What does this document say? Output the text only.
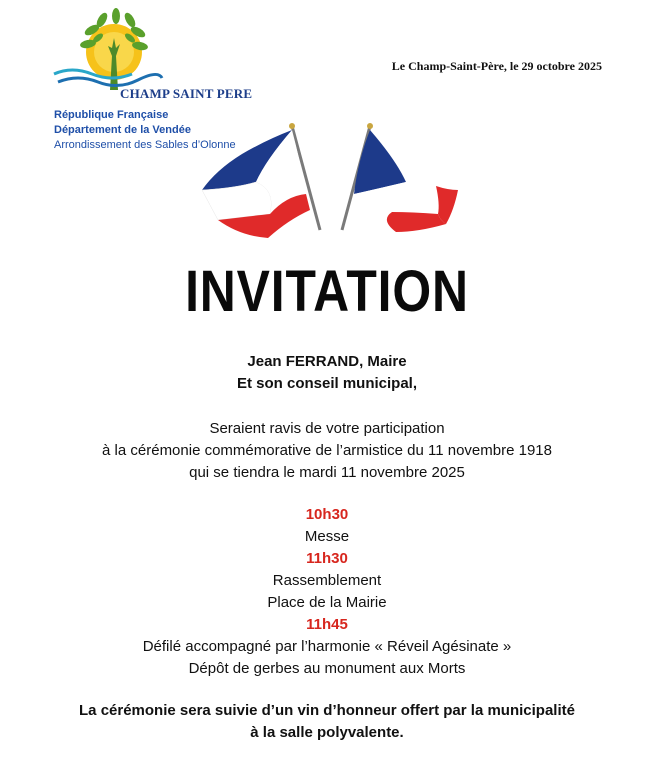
CHAMP SAINT PERE
République Française
Département de la Vendée
Arrondissement des Sables d’Olonne
Le Champ-Saint-Père, le 29 octobre 2025
INVITATION
Jean FERRAND, Maire
Et son conseil municipal,
Seraient ravis de votre participation
à la cérémonie commémorative de l’armistice du 11 novembre 1918
qui se tiendra le mardi 11 novembre 2025
10h30
Messe
11h30
Rassemblement
Place de la Mairie
11h45
Défilé accompagné par l’harmonie « Réveil Agésinate »
Dépôt de gerbes au monument aux Morts
La cérémonie sera suivie d’un vin d’honneur offert par la municipalité
à la salle polyvalente.
